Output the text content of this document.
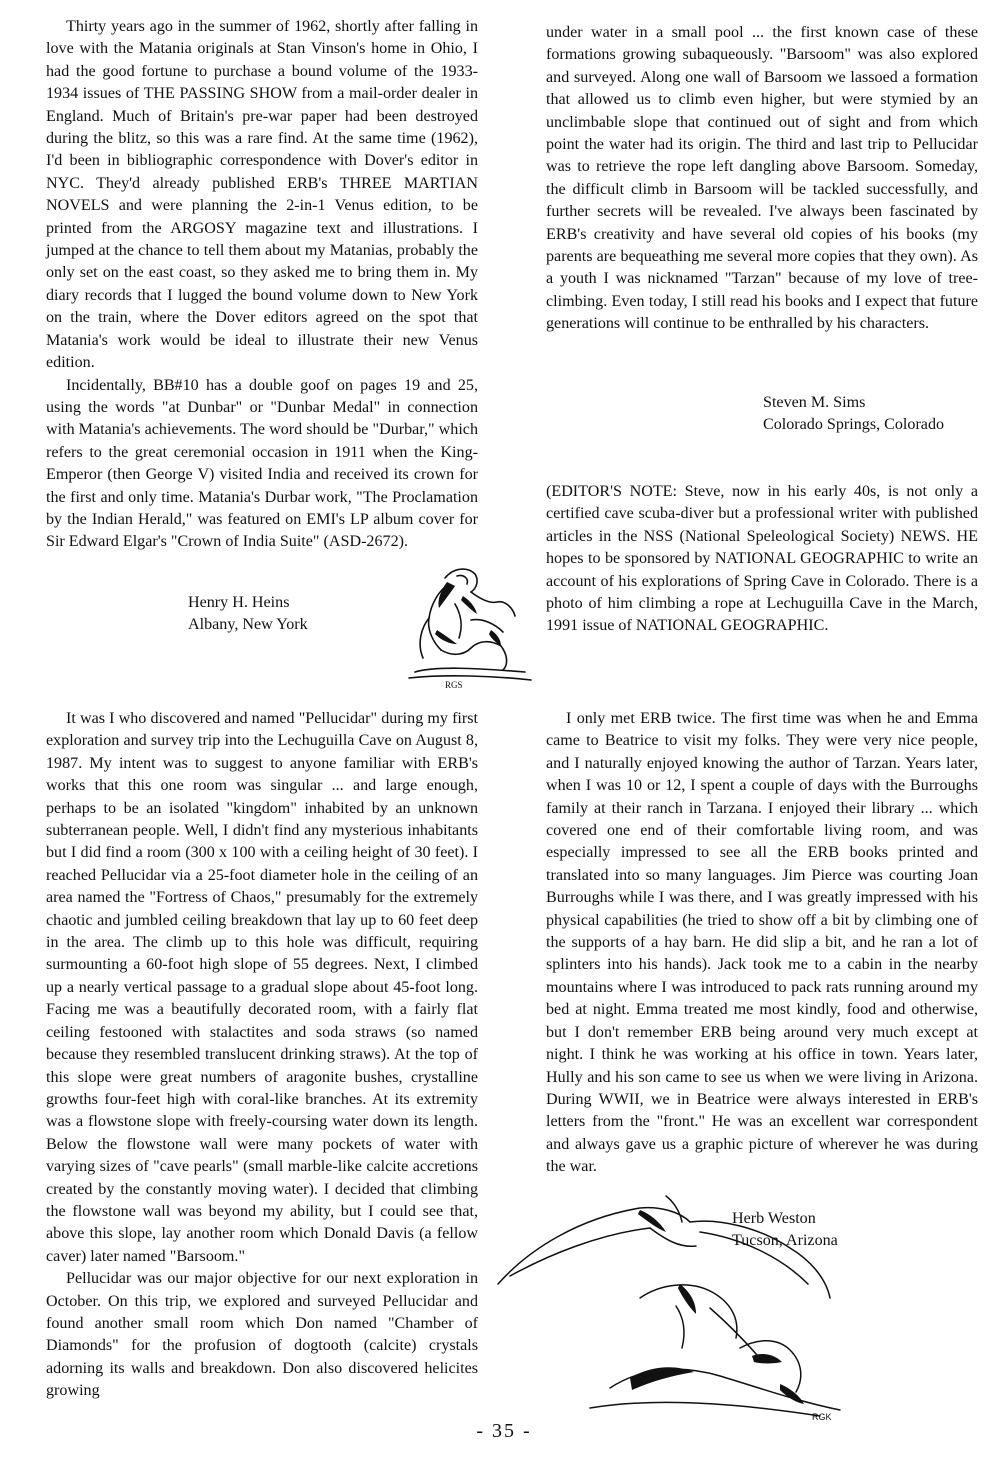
Thirty years ago in the summer of 1962, shortly after falling in love with the Matania originals at Stan Vinson's home in Ohio, I had the good fortune to purchase a bound volume of the 1933-1934 issues of THE PASSING SHOW from a mail-order dealer in England. Much of Britain's pre-war paper had been destroyed during the blitz, so this was a rare find. At the same time (1962), I'd been in bibliographic correspondence with Dover's editor in NYC. They'd already published ERB's THREE MARTIAN NOVELS and were planning the 2-in-1 Venus edition, to be printed from the ARGOSY magazine text and illustrations. I jumped at the chance to tell them about my Matanias, probably the only set on the east coast, so they asked me to bring them in. My diary records that I lugged the bound volume down to New York on the train, where the Dover editors agreed on the spot that Matania's work would be ideal to illustrate their new Venus edition.

Incidentally, BB#10 has a double goof on pages 19 and 25, using the words "at Dunbar" or "Dunbar Medal" in connection with Matania's achievements. The word should be "Durbar," which refers to the great ceremonial occasion in 1911 when the King-Emperor (then George V) visited India and received its crown for the first and only time. Matania's Durbar work, "The Proclamation by the Indian Herald," was featured on EMI's LP album cover for Sir Edward Elgar's "Crown of India Suite" (ASD-2672).

Henry H. Heins
Albany, New York

under water in a small pool ... the first known case of these formations growing subaqueously. "Barsoom" was also explored and surveyed. Along one wall of Barsoom we lassoed a formation that allowed us to climb even higher, but were stymied by an unclimbable slope that continued out of sight and from which point the water had its origin. The third and last trip to Pellucidar was to retrieve the rope left dangling above Barsoom. Someday, the difficult climb in Barsoom will be tackled successfully, and further secrets will be revealed. I've always been fascinated by ERB's creativity and have several old copies of his books (my parents are bequeathing me several more copies that they own). As a youth I was nicknamed "Tarzan" because of my love of tree-climbing. Even today, I still read his books and I expect that future generations will continue to be enthralled by his characters.

Steven M. Sims
Colorado Springs, Colorado

(EDITOR'S NOTE: Steve, now in his early 40s, is not only a certified cave scuba-diver but a professional writer with published articles in the NSS (National Speleological Society) NEWS. HE hopes to be sponsored by NATIONAL GEOGRAPHIC to write an account of his explorations of Spring Cave in Colorado. There is a photo of him climbing a rope at Lechuguilla Cave in the March, 1991 issue of NATIONAL GEOGRAPHIC.

RGS

It was I who discovered and named "Pellucidar" during my first exploration and survey trip into the Lechuguilla Cave on August 8, 1987. My intent was to suggest to anyone familiar with ERB's works that this one room was singular ... and large enough, perhaps to be an isolated "kingdom" inhabited by an unknown subterranean people. Well, I didn't find any mysterious inhabitants but I did find a room (300 x 100 with a ceiling height of 30 feet). I reached Pellucidar via a 25-foot diameter hole in the ceiling of an area named the "Fortress of Chaos," presumably for the extremely chaotic and jumbled ceiling breakdown that lay up to 60 feet deep in the area. The climb up to this hole was difficult, requiring surmounting a 60-foot high slope of 55 degrees. Next, I climbed up a nearly vertical passage to a gradual slope about 45-foot long. Facing me was a beautifully decorated room, with a fairly flat ceiling festooned with stalactites and soda straws (so named because they resembled translucent drinking straws). At the top of this slope were great numbers of aragonite bushes, crystalline growths four-feet high with coral-like branches. At its extremity was a flowstone slope with freely-coursing water down its length. Below the flowstone wall were many pockets of water with varying sizes of "cave pearls" (small marble-like calcite accretions created by the constantly moving water). I decided that climbing the flowstone wall was beyond my ability, but I could see that, above this slope, lay another room which Donald Davis (a fellow caver) later named "Barsoom."

Pellucidar was our major objective for our next exploration in October. On this trip, we explored and surveyed Pellucidar and found another small room which Don named "Chamber of Diamonds" for the profusion of dogtooth (calcite) crystals adorning its walls and breakdown. Don also discovered helicites growing

I only met ERB twice. The first time was when he and Emma came to Beatrice to visit my folks. They were very nice people, and I naturally enjoyed knowing the author of Tarzan. Years later, when I was 10 or 12, I spent a couple of days with the Burroughs family at their ranch in Tarzana. I enjoyed their library ... which covered one end of their comfortable living room, and was especially impressed to see all the ERB books printed and translated into so many languages. Jim Pierce was courting Joan Burroughs while I was there, and I was greatly impressed with his physical capabilities (he tried to show off a bit by climbing one of the supports of a hay barn. He did slip a bit, and he ran a lot of splinters into his hands). Jack took me to a cabin in the nearby mountains where I was introduced to pack rats running around my bed at night. Emma treated me most kindly, food and otherwise, but I don't remember ERB being around very much except at night. I think he was working at his office in town. Years later, Hully and his son came to see us when we were living in Arizona. During WWII, we in Beatrice were always interested in ERB's letters from the "front." He was an excellent war correspondent and always gave us a graphic picture of wherever he was during the war.

Herb Weston
Tucson, Arizona
RGK
- 35 -
